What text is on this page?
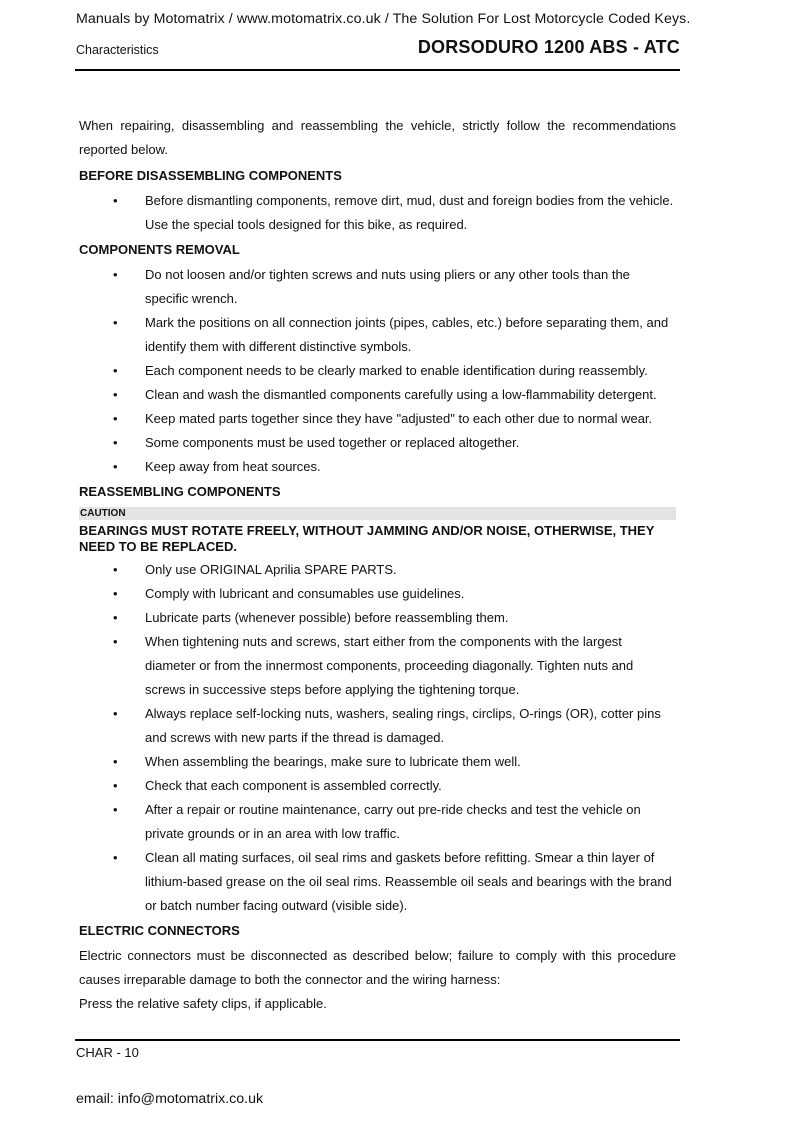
Manuals by Motomatrix / www.motomatrix.co.uk / The Solution For Lost Motorcycle Coded Keys.
Characteristics	DORSODURO 1200 ABS - ATC

When repairing, disassembling and reassembling the vehicle, strictly follow the recommendations reported below.

BEFORE DISASSEMBLING COMPONENTS
• Before dismantling components, remove dirt, mud, dust and foreign bodies from the vehicle. Use the special tools designed for this bike, as required.
COMPONENTS REMOVAL
• Do not loosen and/or tighten screws and nuts using pliers or any other tools than the specific wrench.
• Mark the positions on all connection joints (pipes, cables, etc.) before separating them, and identify them with different distinctive symbols.
• Each component needs to be clearly marked to enable identification during reassembly.
• Clean and wash the dismantled components carefully using a low-flammability detergent.
• Keep mated parts together since they have "adjusted" to each other due to normal wear.
• Some components must be used together or replaced altogether.
• Keep away from heat sources.
REASSEMBLING COMPONENTS
CAUTION
BEARINGS MUST ROTATE FREELY, WITHOUT JAMMING AND/OR NOISE, OTHERWISE, THEY NEED TO BE REPLACED.
• Only use ORIGINAL Aprilia SPARE PARTS.
• Comply with lubricant and consumables use guidelines.
• Lubricate parts (whenever possible) before reassembling them.
• When tightening nuts and screws, start either from the components with the largest diameter or from the innermost components, proceeding diagonally. Tighten nuts and screws in successive steps before applying the tightening torque.
• Always replace self-locking nuts, washers, sealing rings, circlips, O-rings (OR), cotter pins and screws with new parts if the thread is damaged.
• When assembling the bearings, make sure to lubricate them well.
• Check that each component is assembled correctly.
• After a repair or routine maintenance, carry out pre-ride checks and test the vehicle on private grounds or in an area with low traffic.
• Clean all mating surfaces, oil seal rims and gaskets before refitting. Smear a thin layer of lithium-based grease on the oil seal rims. Reassemble oil seals and bearings with the brand or batch number facing outward (visible side).
ELECTRIC CONNECTORS

Electric connectors must be disconnected as described below; failure to comply with this procedure causes irreparable damage to both the connector and the wiring harness:

Press the relative safety clips, if applicable.

CHAR - 10
email: info@motomatrix.co.uk
